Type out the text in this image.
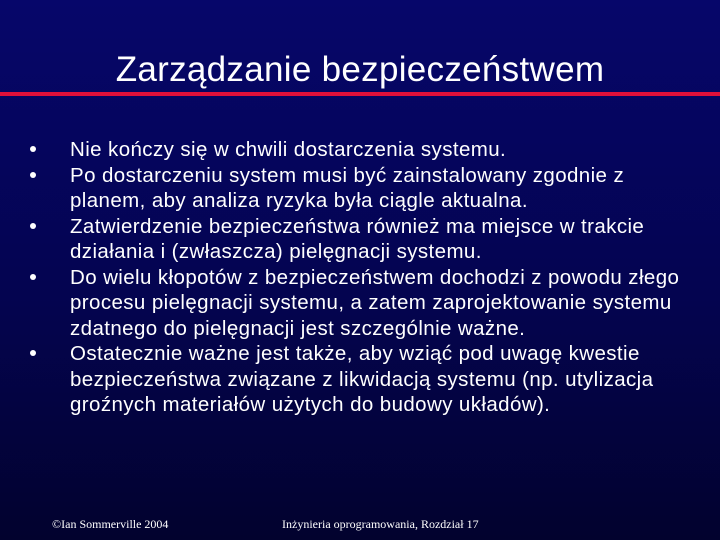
Zarządzanie bezpieczeństwem
Nie kończy się w chwili dostarczenia systemu.
Po dostarczeniu system musi być zainstalowany zgodnie z planem, aby analiza ryzyka była ciągle aktualna.
Zatwierdzenie bezpieczeństwa również ma miejsce w trakcie działania i (zwłaszcza) pielęgnacji systemu.
Do wielu kłopotów z bezpieczeństwem dochodzi z powodu złego procesu pielęgnacji systemu, a zatem zaprojektowanie systemu zdatnego do pielęgnacji jest szczególnie ważne.
Ostatecznie ważne jest także, aby wziąć pod uwagę kwestie bezpieczeństwa związane z likwidacją systemu (np. utylizacja groźnych materiałów użytych do budowy układów).
©Ian Sommerville 2004	Inżynieria oprogramowania, Rozdział 17
